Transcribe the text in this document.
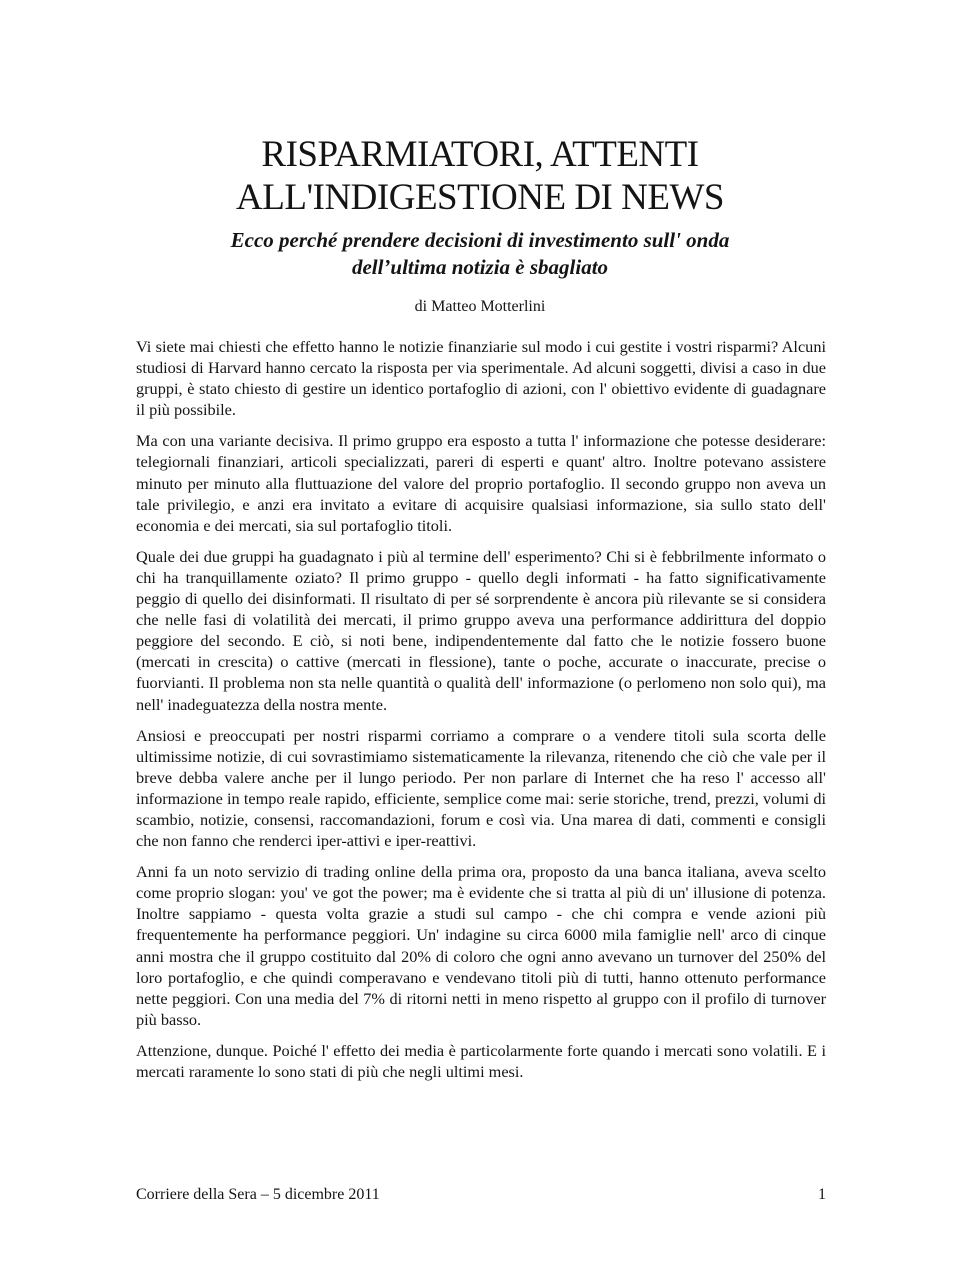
RISPARMIATORI, ATTENTI
ALL'INDIGESTIONE DI NEWS
Ecco perché prendere decisioni di investimento sull' onda
dell’ultima notizia è sbagliato
di Matteo Motterlini

Vi siete mai chiesti che effetto hanno le notizie finanziarie sul modo i cui gestite i vostri risparmi? Alcuni studiosi di Harvard hanno cercato la risposta per via sperimentale. Ad alcuni soggetti, divisi a caso in due gruppi, è stato chiesto di gestire un identico portafoglio di azioni, con l' obiettivo evidente di guadagnare il più possibile.

Ma con una variante decisiva. Il primo gruppo era esposto a tutta l' informazione che potesse desiderare: telegiornali finanziari, articoli specializzati, pareri di esperti e quant' altro. Inoltre potevano assistere minuto per minuto alla fluttuazione del valore del proprio portafoglio. Il secondo gruppo non aveva un tale privilegio, e anzi era invitato a evitare di acquisire qualsiasi informazione, sia sullo stato dell' economia e dei mercati, sia sul portafoglio titoli.

Quale dei due gruppi ha guadagnato i più al termine dell' esperimento? Chi si è febbrilmente informato o chi ha tranquillamente oziato? Il primo gruppo - quello degli informati - ha fatto significativamente peggio di quello dei disinformati. Il risultato di per sé sorprendente è ancora più rilevante se si considera che nelle fasi di volatilità dei mercati, il primo gruppo aveva una performance addirittura del doppio peggiore del secondo. E ciò, si noti bene, indipendentemente dal fatto che le notizie fossero buone (mercati in crescita) o cattive (mercati in flessione), tante o poche, accurate o inaccurate, precise o fuorvianti. Il problema non sta nelle quantità o qualità dell' informazione (o perlomeno non solo qui), ma nell' inadeguatezza della nostra mente.

Ansiosi e preoccupati per nostri risparmi corriamo a comprare o a vendere titoli sula scorta delle ultimissime notizie, di cui sovrastimiamo sistematicamente la rilevanza, ritenendo che ciò che vale per il breve debba valere anche per il lungo periodo. Per non parlare di Internet che ha reso l' accesso all' informazione in tempo reale rapido, efficiente, semplice come mai: serie storiche, trend, prezzi, volumi di scambio, notizie, consensi, raccomandazioni, forum e così via. Una marea di dati, commenti e consigli che non fanno che renderci iper-attivi e iper-reattivi.

Anni fa un noto servizio di trading online della prima ora, proposto da una banca italiana, aveva scelto come proprio slogan: you' ve got the power; ma è evidente che si tratta al più di un' illusione di potenza. Inoltre sappiamo - questa volta grazie a studi sul campo - che chi compra e vende azioni più frequentemente ha performance peggiori. Un' indagine su circa 6000 mila famiglie nell' arco di cinque anni mostra che il gruppo costituito dal 20% di coloro che ogni anno avevano un turnover del 250% del loro portafoglio, e che quindi comperavano e vendevano titoli più di tutti, hanno ottenuto performance nette peggiori. Con una media del 7% di ritorni netti in meno rispetto al gruppo con il profilo di turnover più basso.

Attenzione, dunque. Poiché l' effetto dei media è particolarmente forte quando i mercati sono volatili. E i mercati raramente lo sono stati di più che negli ultimi mesi.

Corriere della Sera – 5 dicembre 2011	1
